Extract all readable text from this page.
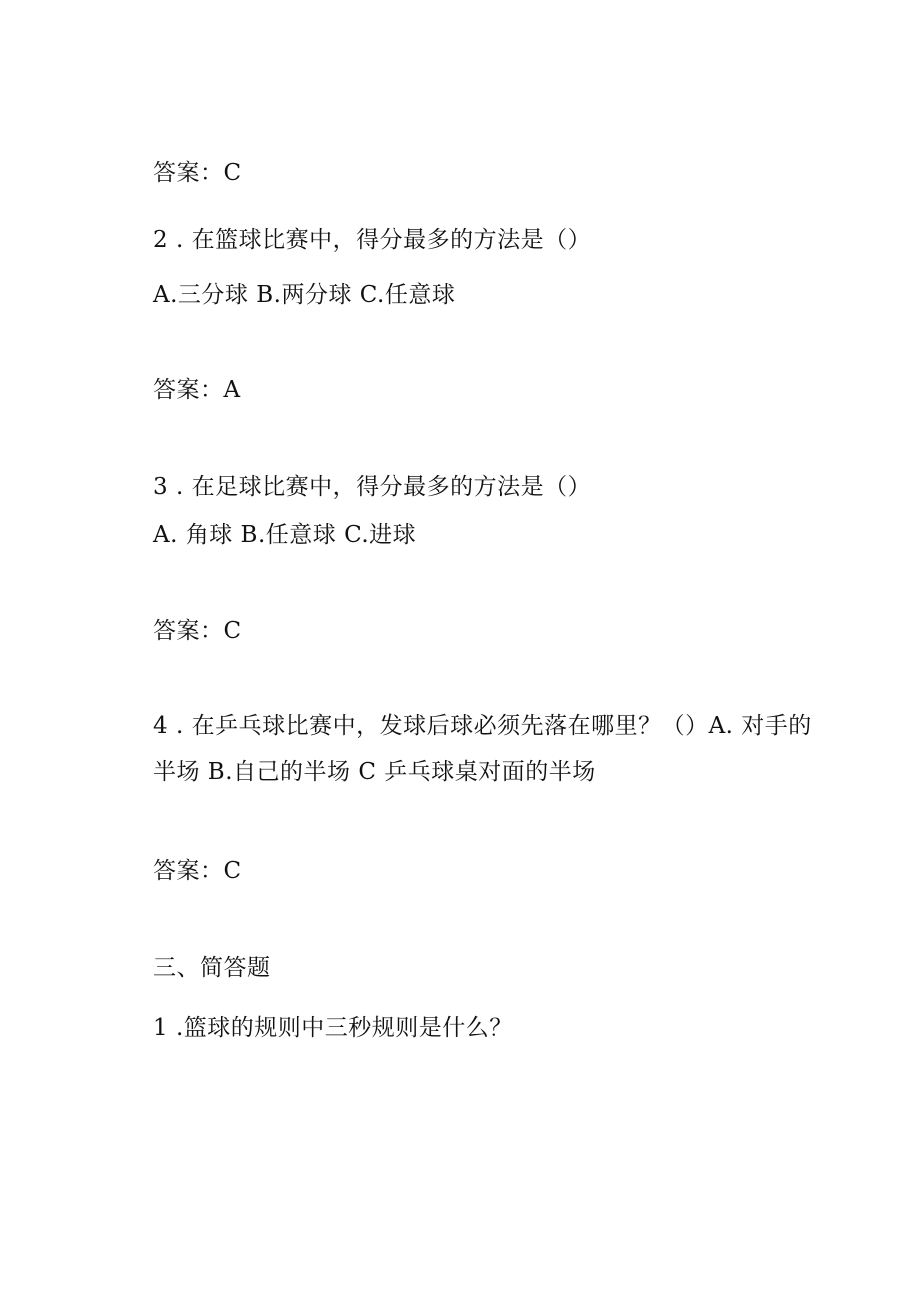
答案：C
2 . 在篮球比赛中，得分最多的方法是（）
A.三分球 B.两分球 C.任意球
答案：A
3 . 在足球比赛中，得分最多的方法是（）
A. 角球 B.任意球 C.进球
答案：C
4 . 在乒乓球比赛中，发球后球必须先落在哪里？（）A. 对手的半场 B.自己的半场 C 乒乓球桌对面的半场
答案：C
三、简答题
1 .篮球的规则中三秒规则是什么？
